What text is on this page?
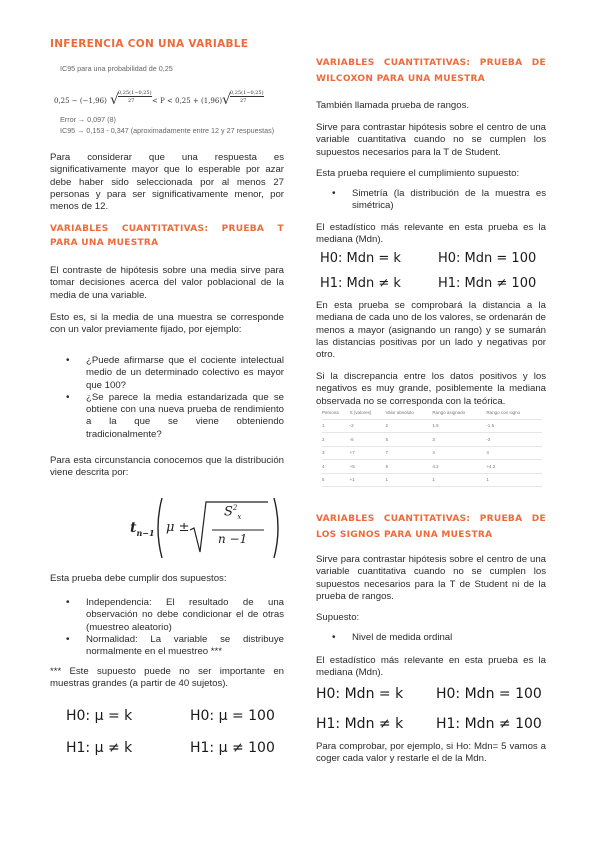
INFERENCIA CON UNA VARIABLE

IC95 para una probabilidad de 0,25

0,25 − (−1,96) √ 0,25(1−0,25)
27	< P < 0,25 + (1,96) √ 0,25(1−0,25)
27

Error → 0,097 (8)

IC95 → 0,153 - 0,347 (aproximadamente entre 12 y 27 respuestas)

Para considerar que una respuesta es significativamente mayor que lo esperable por azar debe haber sido seleccionada por al menos 27 personas y para ser significativamente menor, por menos de 12.

VARIABLES CUANTITATIVAS: PRUEBA T PARA UNA MUESTRA

El contraste de hipótesis sobre una media sirve para tomar decisiones acerca del valor poblacional de la media de una variable.

Esto es, si la media de una muestra se corresponde con un valor previamente fijado, por ejemplo:

• ¿Puede afirmarse que el cociente intelectual medio de un determinado colectivo es mayor que 100?
• ¿Se parece la media estandarizada que se obtiene con una nueva prueba de rendimiento a la que se viene obteniendo tradicionalmente?

Para esta circunstancia conocemos que la distribución viene descrita por:

$t_{n-1}$ μ ±
$S^2_x$
n −1

Esta prueba debe cumplir dos supuestos:

• Independencia: El resultado de una observación no debe condicionar el de otras (muestreo aleatorio)
• Normalidad: La variable se distribuye normalmente en el muestreo ***

*** Este supuesto puede no ser importante en muestras grandes (a partir de 40 sujetos).

H0: μ = k	H0: μ = 100
H1: μ ≠ k	H1: μ ≠ 100
VARIABLES CUANTITATIVAS: PRUEBA DE WILCOXON PARA UNA MUESTRA

También llamada prueba de rangos.

Sirve para contrastar hipótesis sobre el centro de una variable cuantitativa cuando no se cumplen los supuestos necesarios para la T de Student.

Esta prueba requiere el cumplimiento supuesto:

• Simetría (la distribución de la muestra es simétrica)

El estadístico más relevante en esta prueba es la mediana (Mdn).

H0: Mdn = k	H0: Mdn = 100
H1: Mdn ≠ k	H1: Mdn ≠ 100

En esta prueba se comprobará la distancia a la mediana de cada uno de los valores, se ordenarán de menos a mayor (asignando un rango) y se sumarán las distancias positivas por un lado y negativas por otro.

Si la discrepancia entre los datos positivos y los negativos es muy grande, posiblemente la mediana observada no se corresponda con la teórica.

Persona	X (valores)	Valor absoluto	Rango asignado	Rango con signo
1	-2	2	1.5	-1.5
2	-5	5	3	-3
3	+7	7	4	4
4	+5	5	4.2	+4.2
5	+1	1	1	1
VARIABLES CUANTITATIVAS: PRUEBA DE LOS SIGNOS PARA UNA MUESTRA

Sirve para contrastar hipótesis sobre el centro de una variable cuantitativa cuando no se cumplen los supuestos necesarios para la T de Student ni de la prueba de rangos.

Supuesto:

• Nivel de medida ordinal

El estadístico más relevante en esta prueba es la mediana (Mdn).

H0: Mdn = k H0: Mdn = 100
H1: Mdn ≠ k H1: Mdn ≠ 100

Para comprobar, por ejemplo, si Ho: Mdn= 5 vamos a coger cada valor y restarle el de la Mdn.
